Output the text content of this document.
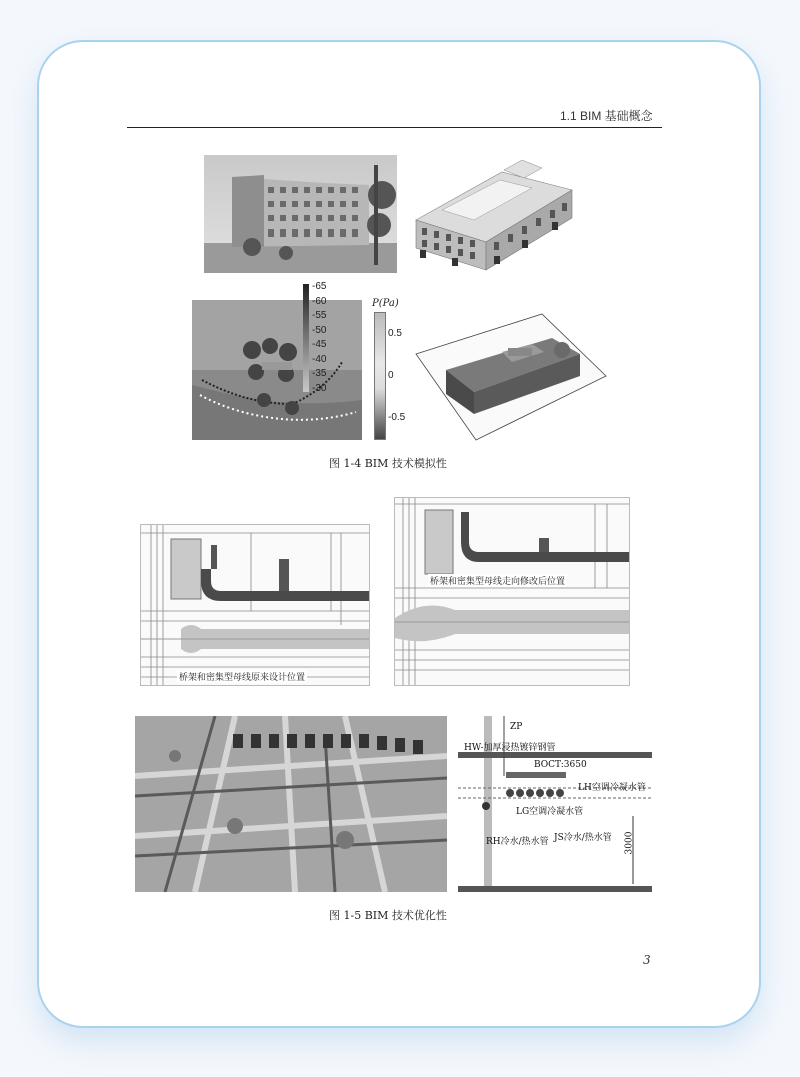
1.1 BIM 基础概念
-65
-60
-55
-50
-45
-40
-35
-30
P(Pa)
0.5
0
-0.5
图 1-4 BIM 技术模拟性
桥架和密集型母线原来设计位置
桥架和密集型母线走向修改后位置
ZP
HW-加厚浸热镀锌钢管
BOCT:3650
LH空调冷凝水管
LG空调冷凝水管
RH冷水/热水管 JS冷水/热水管 3000
图 1-5 BIM 技术优化性
3
